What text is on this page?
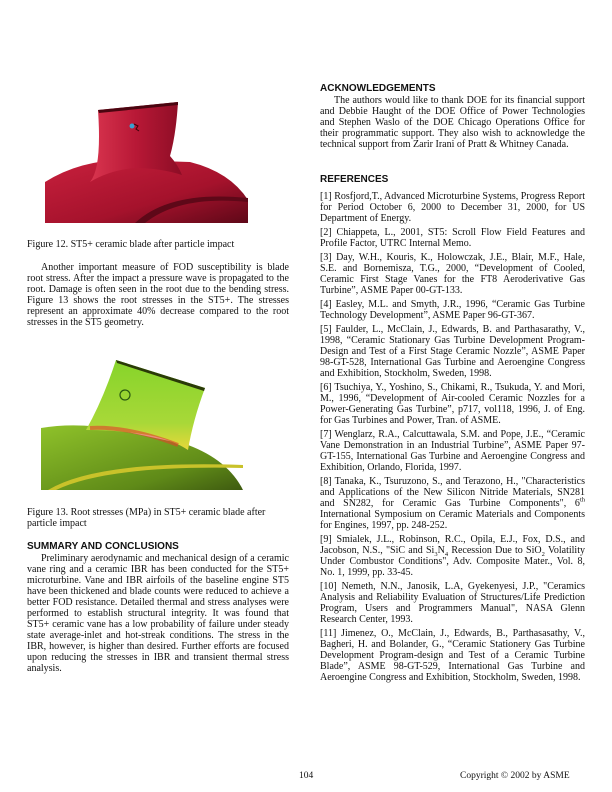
Figure 12. ST5+ ceramic blade after particle impact

Another important measure of FOD susceptibility is blade root stress. After the impact a pressure wave is propagated to the root. Damage is often seen in the root due to the bending stress. Figure 13 shows the root stresses in the ST5+. The stresses represent an approximate 40% decrease compared to the root stresses in the ST5 geometry.

Figure 13. Root stresses (MPa) in ST5+ ceramic blade after particle impact

SUMMARY AND CONCLUSIONS

Preliminary aerodynamic and mechanical design of a ceramic vane ring and a ceramic IBR has been conducted for the ST5+ microturbine. Vane and IBR airfoils of the baseline engine ST5 have been thickened and blade counts were reduced to achieve a better FOD resistance. Detailed thermal and stress analyses were performed to establish structural integrity. It was found that ST5+ ceramic vane has a low probability of failure under steady state average-inlet and hot-streak conditions. The stress in the IBR, however, is higher than desired. Further efforts are focused upon reducing the stresses in IBR and transient thermal stress analysis.

ACKNOWLEDGEMENTS

The authors would like to thank DOE for its financial support and Debbie Haught of the DOE Office of Power Technologies and Stephen Waslo of the DOE Chicago Operations Office for their programmatic support. They also wish to acknowledge the technical support from Zarir Irani of Pratt & Whitney Canada.

REFERENCES

[1] Rosfjord,T., Advanced Microturbine Systems, Progress Report for Period October 6, 2000 to December 31, 2000, for US Department of Energy.

[2] Chiappeta, L., 2001, ST5: Scroll Flow Field Features and Profile Factor, UTRC Internal Memo.

[3] Day, W.H., Kouris, K., Holowczak, J.E., Blair, M.F., Hale, S.E. and Bornemisza, T.G., 2000, “Development of Cooled, Ceramic First Stage Vanes for the FT8 Aeroderivative Gas Turbine”, ASME Paper 00-GT-133.

[4] Easley, M.L. and Smyth, J.R., 1996, “Ceramic Gas Turbine Technology Development”, ASME Paper 96-GT-367.

[5] Faulder, L., McClain, J., Edwards, B. and Parthasarathy, V., 1998, “Ceramic Stationary Gas Turbine Development Program-Design and Test of a First Stage Ceramic Nozzle”, ASME Paper 98-GT-528, International Gas Turbine and Aeroengine Congress and Exhibition, Stockholm, Sweden, 1998.

[6] Tsuchiya, Y., Yoshino, S., Chikami, R., Tsukuda, Y. and Mori, M., 1996, “Development of Air-cooled Ceramic Nozzles for a Power-Generating Gas Turbine”, p717, vol118, 1996, J. of Eng. for Gas Turbines and Power, Tran. of ASME.

[7] Wenglarz, R.A., Calcuttawala, S.M. and Pope, J.E., “Ceramic Vane Demonstration in an Industrial Turbine”, ASME Paper 97-GT-155, International Gas Turbine and Aeroengine Congress and Exhibition, Orlando, Florida, 1997.

[8] Tanaka, K., Tsuruzono, S., and Terazono, H., "Characteristics and Applications of the New Silicon Nitride Materials, SN281 and SN282, for Ceramic Gas Turbine Components", 6th International Symposium on Ceramic Materials and Components for Engines, 1997, pp. 248-252.

[9] Smialek, J.L., Robinson, R.C., Opila, E.J., Fox, D.S., and Jacobson, N.S., "SiC and $Si_3N_4$ Recession Due to SiO$_2$ Volatility Under Combustor Conditions", Adv. Composite Mater., Vol. 8, No. 1, 1999, pp. 33-45.

[10] Nemeth, N.N., Janosik, L.A, Gyekenyesi, J.P., "Ceramics Analysis and Reliability Evaluation of Structures/Life Prediction Program, Users and Programmers Manual", NASA Glenn Research Center, 1993.

[11] Jimenez, O., McClain, J., Edwards, B., Parthasasathy, V., Bagheri, H. and Bolander, G., “Ceramic Stationery Gas Turbine Development Program-design and Test of a Ceramic Turbine Blade”, ASME 98-GT-529, International Gas Turbine and Aeroengine Congress and Exhibition, Stockholm, Sweden, 1998.

104	Copyright © 2002 by ASME
